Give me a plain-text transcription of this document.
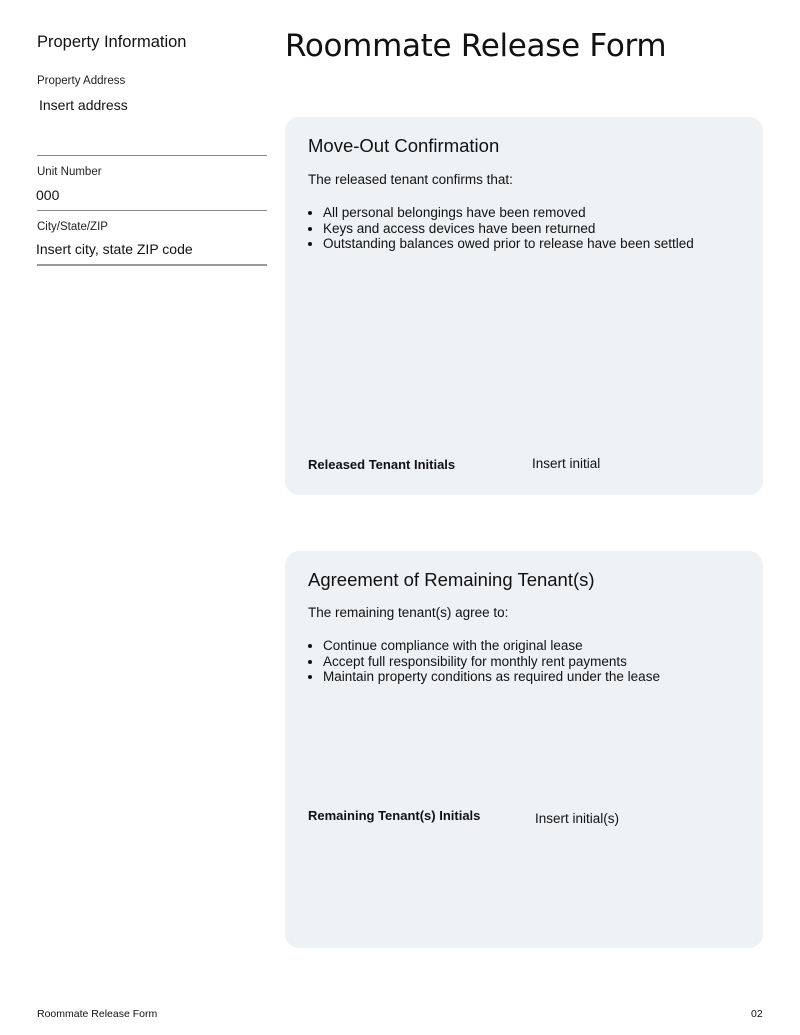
Property Information
Property Address
Insert address
Unit Number
000
City/State/ZIP
Insert city, state ZIP code
Roommate Release Form
Move-Out Confirmation
The released tenant confirms that:
• All personal belongings have been removed
• Keys and access devices have been returned
• Outstanding balances owed prior to release have been settled
Released Tenant Initials	Insert initial
Agreement of Remaining Tenant(s)
The remaining tenant(s) agree to:
• Continue compliance with the original lease
• Accept full responsibility for monthly rent payments
• Maintain property conditions as required under the lease
Remaining Tenant(s) Initials	Insert initial(s)
Roommate Release Form	02
